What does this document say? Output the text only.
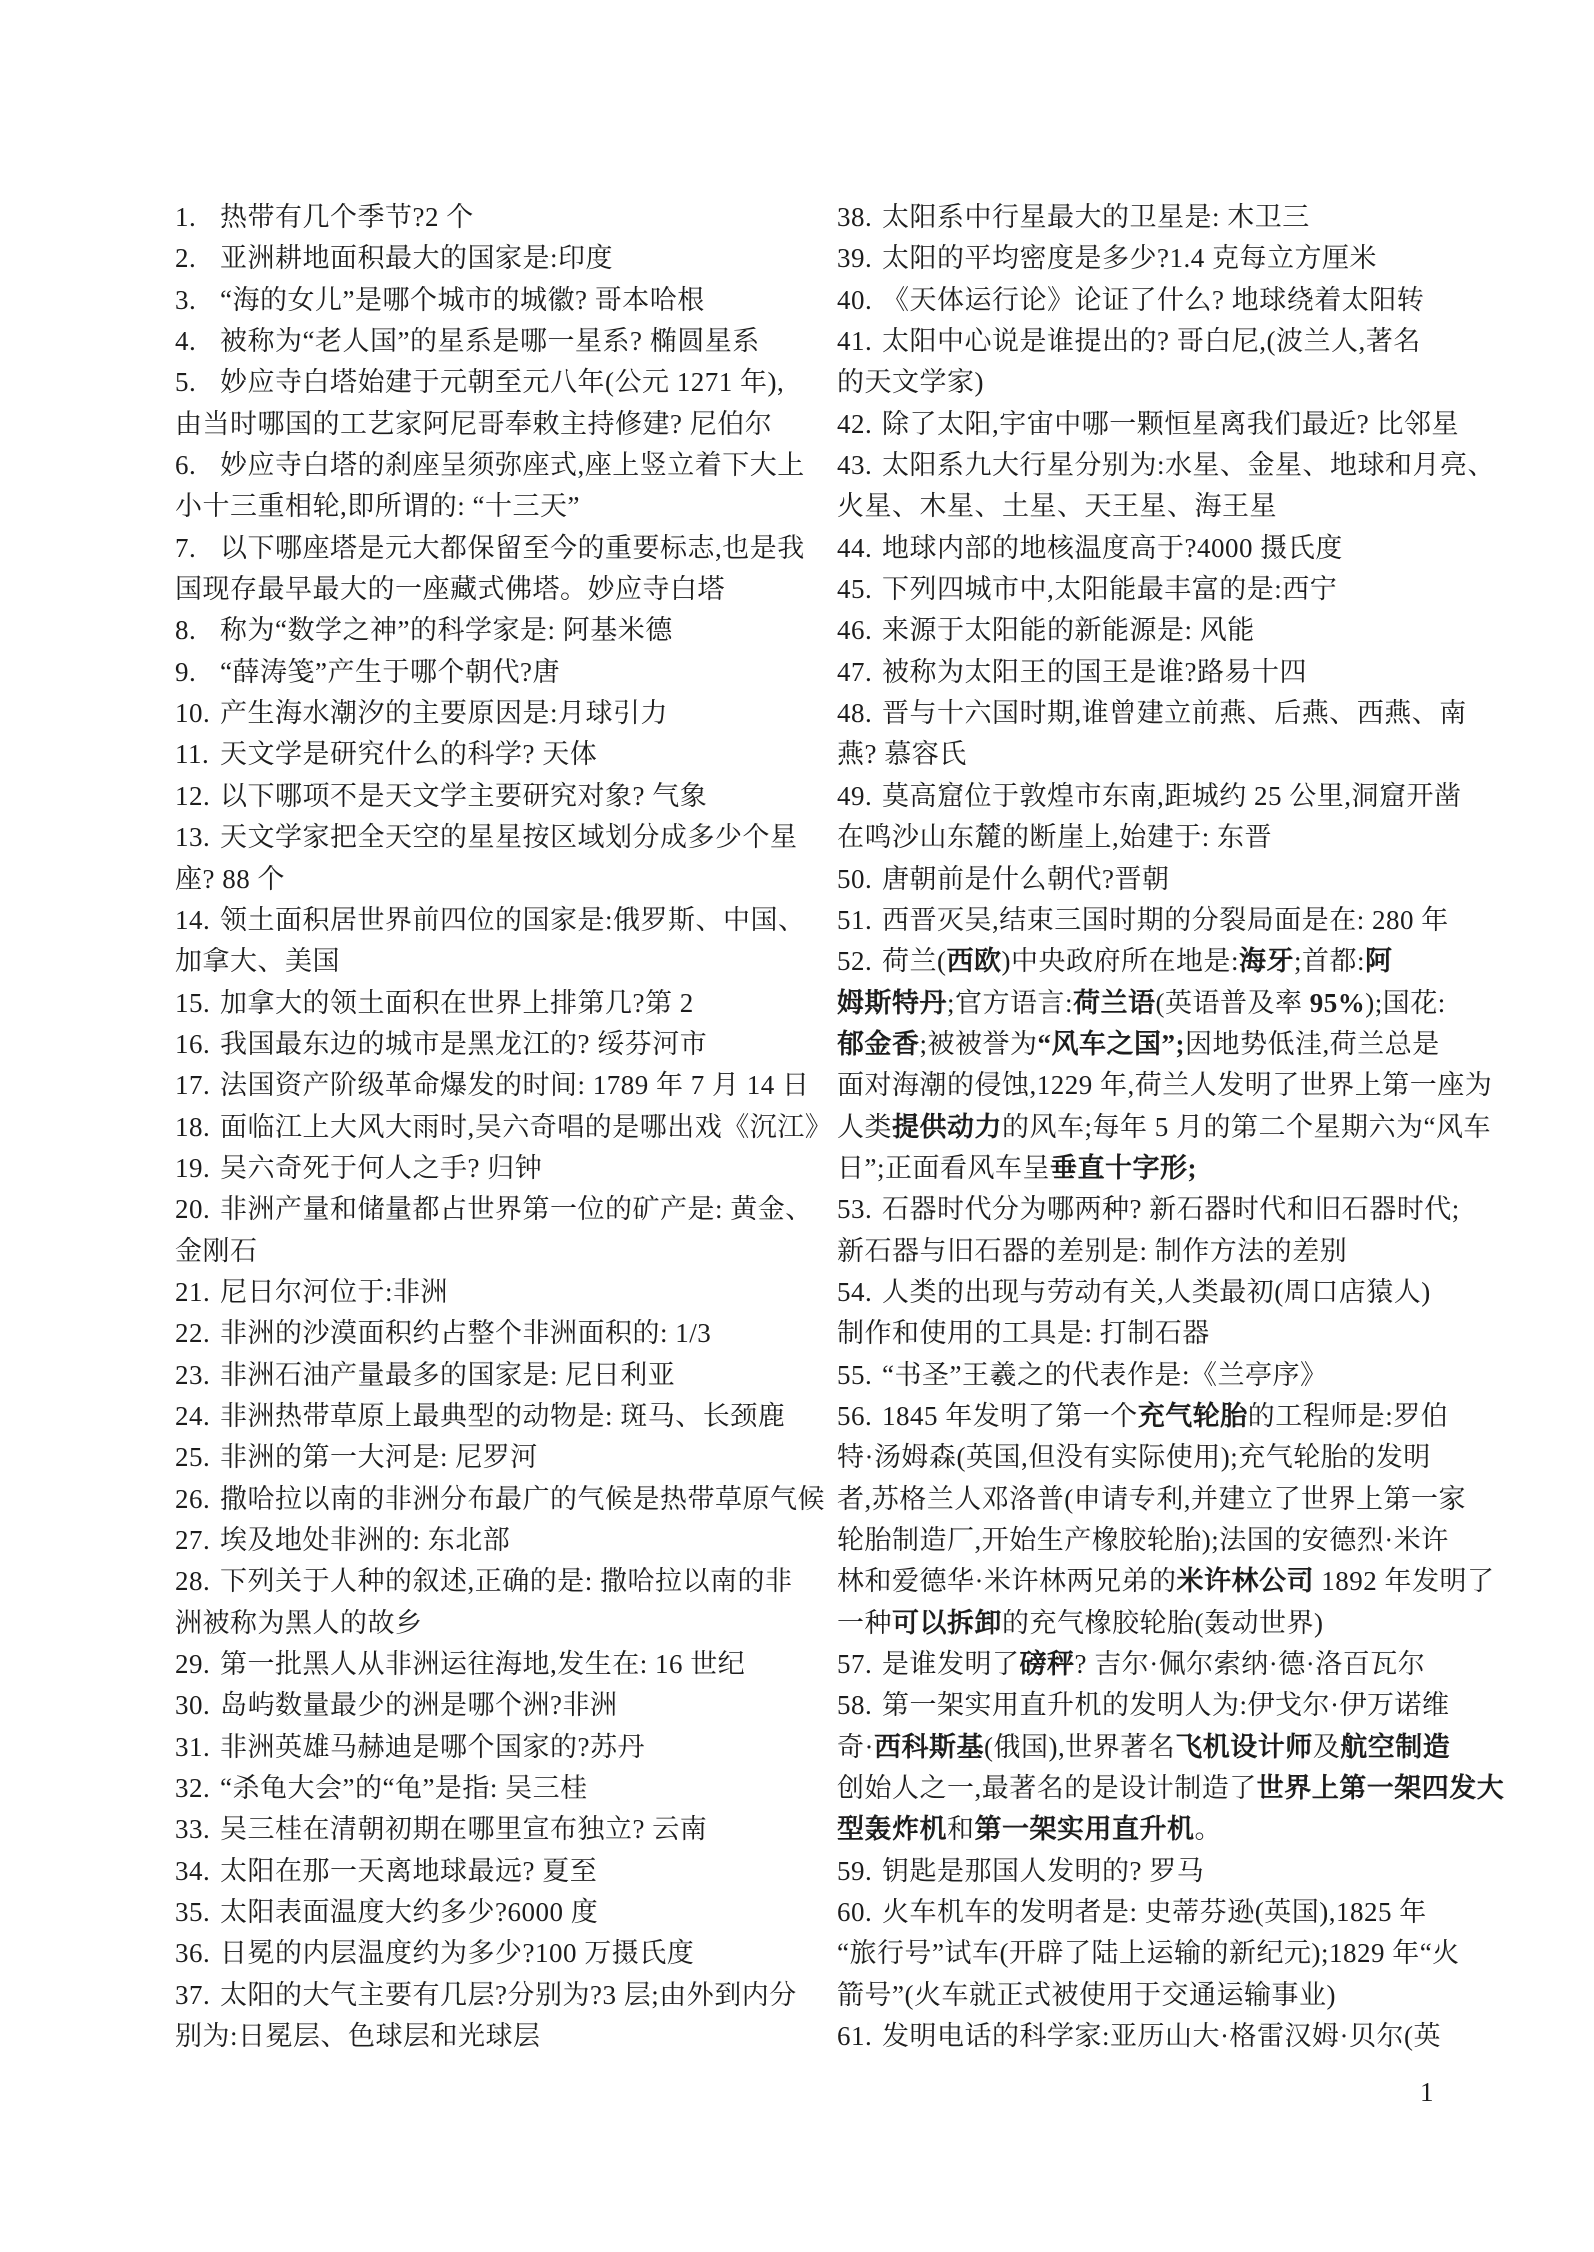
1. 热带有几个季节?2 个
2. 亚洲耕地面积最大的国家是:印度
3. “海的女儿”是哪个城市的城徽? 哥本哈根
4. 被称为“老人国”的星系是哪一星系? 椭圆星系
5. 妙应寺白塔始建于元朝至元八年(公元 1271 年),
由当时哪国的工艺家阿尼哥奉敕主持修建? 尼伯尔
6. 妙应寺白塔的刹座呈须弥座式,座上竖立着下大上
小十三重相轮,即所谓的: “十三天”
7. 以下哪座塔是元大都保留至今的重要标志,也是我
国现存最早最大的一座藏式佛塔。妙应寺白塔
8. 称为“数学之神”的科学家是: 阿基米德
9. “薛涛笺”产生于哪个朝代?唐
10. 产生海水潮汐的主要原因是:月球引力
11. 天文学是研究什么的科学? 天体
12. 以下哪项不是天文学主要研究对象? 气象
13. 天文学家把全天空的星星按区域划分成多少个星
座? 88 个
14. 领土面积居世界前四位的国家是:俄罗斯、中国、
加拿大、美国
15. 加拿大的领土面积在世界上排第几?第 2
16. 我国最东边的城市是黑龙江的? 绥芬河市
17. 法国资产阶级革命爆发的时间: 1789 年 7 月 14 日
18. 面临江上大风大雨时,吴六奇唱的是哪出戏《沉江》
19. 吴六奇死于何人之手? 归钟
20. 非洲产量和储量都占世界第一位的矿产是: 黄金、
金刚石
21. 尼日尔河位于:非洲
22. 非洲的沙漠面积约占整个非洲面积的: 1/3
23. 非洲石油产量最多的国家是: 尼日利亚
24. 非洲热带草原上最典型的动物是: 斑马、长颈鹿
25. 非洲的第一大河是: 尼罗河
26. 撒哈拉以南的非洲分布最广的气候是热带草原气候
27. 埃及地处非洲的: 东北部
28. 下列关于人种的叙述,正确的是: 撒哈拉以南的非
洲被称为黑人的故乡
29. 第一批黑人从非洲运往海地,发生在: 16 世纪
30. 岛屿数量最少的洲是哪个洲?非洲
31. 非洲英雄马赫迪是哪个国家的?苏丹
32. “杀龟大会”的“龟”是指: 吴三桂
33. 吴三桂在清朝初期在哪里宣布独立? 云南
34. 太阳在那一天离地球最远? 夏至
35. 太阳表面温度大约多少?6000 度
36. 日冕的内层温度约为多少?100 万摄氏度
37. 太阳的大气主要有几层?分别为?3 层;由外到内分
别为:日冕层、色球层和光球层
38. 太阳系中行星最大的卫星是: 木卫三
39. 太阳的平均密度是多少?1.4 克每立方厘米
40. 《天体运行论》论证了什么? 地球绕着太阳转
41. 太阳中心说是谁提出的? 哥白尼,(波兰人,著名
的天文学家)
42. 除了太阳,宇宙中哪一颗恒星离我们最近? 比邻星
43. 太阳系九大行星分别为:水星、金星、地球和月亮、
火星、木星、土星、天王星、海王星
44. 地球内部的地核温度高于?4000 摄氏度
45. 下列四城市中,太阳能最丰富的是:西宁
46. 来源于太阳能的新能源是: 风能
47. 被称为太阳王的国王是谁?路易十四
48. 晋与十六国时期,谁曾建立前燕、后燕、西燕、南
燕? 慕容氏
49. 莫高窟位于敦煌市东南,距城约 25 公里,洞窟开凿
在鸣沙山东麓的断崖上,始建于: 东晋
50. 唐朝前是什么朝代?晋朝
51. 西晋灭吴,结束三国时期的分裂局面是在: 280 年
52. 荷兰(西欧)中央政府所在地是:海牙;首都:阿
姆斯特丹;官方语言:荷兰语(英语普及率 95%);国花:
郁金香;被被誉为“风车之国”;因地势低洼,荷兰总是
面对海潮的侵蚀,1229 年,荷兰人发明了世界上第一座为
人类提供动力的风车;每年 5 月的第二个星期六为“风车
日”;正面看风车呈垂直十字形;
53. 石器时代分为哪两种? 新石器时代和旧石器时代;
新石器与旧石器的差别是: 制作方法的差别
54. 人类的出现与劳动有关,人类最初(周口店猿人)
制作和使用的工具是: 打制石器
55. “书圣”王羲之的代表作是:《兰亭序》
56. 1845 年发明了第一个充气轮胎的工程师是:罗伯
特·汤姆森(英国,但没有实际使用);充气轮胎的发明
者,苏格兰人邓洛普(申请专利,并建立了世界上第一家
轮胎制造厂,开始生产橡胶轮胎);法国的安德烈·米许
林和爱德华·米许林两兄弟的米许林公司 1892 年发明了
一种可以拆卸的充气橡胶轮胎(轰动世界)
57. 是谁发明了磅秤? 吉尔·佩尔索纳·德·洛百瓦尔
58. 第一架实用直升机的发明人为:伊戈尔·伊万诺维
奇·西科斯基(俄国),世界著名飞机设计师及航空制造
创始人之一,最著名的是设计制造了世界上第一架四发大
型轰炸机和第一架实用直升机。
59. 钥匙是那国人发明的? 罗马
60. 火车机车的发明者是: 史蒂芬逊(英国),1825 年
“旅行号”试车(开辟了陆上运输的新纪元);1829 年“火
箭号”(火车就正式被使用于交通运输事业)
61. 发明电话的科学家:亚历山大·格雷汉姆·贝尔(英
1
